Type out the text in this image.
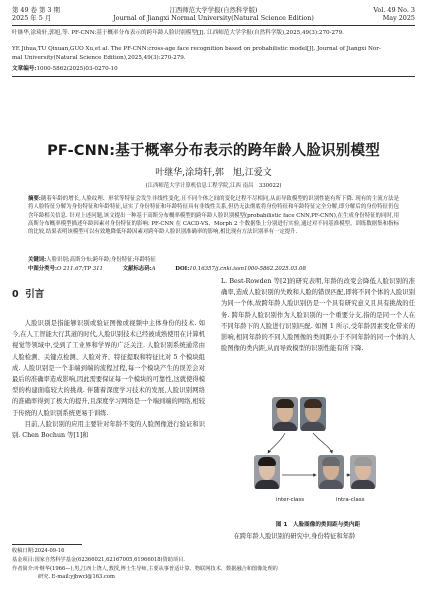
第 49 卷 第 3 期
2025 年 5 月
江西师范大学学报(自然科学版)
Journal of Jiangxi Normal University(Natural Science Edition)
Vol. 49 No. 3
May 2025
叶继华,涂琦轩,郭旭,等. PF-CNN:基于概率分布表示的跨年龄人脸识别模型[J]. 江西师范大学学报(自然科学版),2025,49(3):270-279.
YE Jihua,TU Qixuan,GUO Xu,et al. The PF-CNN:cross-age face recognition based on probabilistic model[J]. Journal of Jiangxi Nor-
mal University(Natural Science Edition),2025,49(3):270-279.
文章编号:1000-5862(2025)03-0270-10
PF-CNN:基于概率分布表示的跨年龄人脸识别模型
叶继华,涂琦轩,郭　旭,江爱文
(江西师范大学计算机信息工程学院,江西 南昌　330022)
摘要:随着年龄的增长,人脸纹理、形状等特征会发生非线性变化,且不同个体之间的变化过程不尽相同,从而导致模型的识别性能有所下降. 现有的主流方法是将人脸特征分解为身份特征和年龄特征,证实了身份特征和年龄特征具有非线性关系,但仍无法彻底将身份特征和年龄特征完全分解,即分解后的身份特征仍包含年龄相关信息. 针对上述问题,该文提出一种基于高斯分布概率模型的跨年龄人脸识别模型(probabilistic face CNN,PF-CNN),在生成身份特征的同时,用高斯分布概率模型描述年龄因素对身份特征的影响. PF-CNN 在 CACD-VS、Morph 2 个数据集上分别进行实验,通过对不同基准模型、训练数据集和指标的比较,结果表明该模型可以有效地降低年龄因素对跨年龄人脸识别准确率的影响,相比现有方法识别率有一定提升.
关键词:人脸识别;高斯分布;跨年龄;身份特征;年龄特征
中图分类号:O 211.67;TP 311	文献标志码:A	DOI:10.16357/j.cnki.issn1000-5862.2025.03.08
0 引言

人脸识别是指能够识别或验证图像或视频中主体身份的技术. 如今,在人工智能大行其道的时代,人脸识别技术已经被成熟使用在计算机视觉等领域中,受到了工业界和学界的广泛关注. 人脸识别系统通常由人脸检测、关键点检测、人脸对齐、特征提取和特征比对 5 个模块组成. 人脸识别是一个非端到端的流程过程,每一个模块产生的误差会对最后的准确率造成影响,因此需要保证每一个模块的可靠性,这就使得模型的构建面临较大的挑战. 伴随着深度学习技术的发展,人脸识别网络的准确率得到了极大的提升,且深度学习网络是一个端到端的网络,相较于传统的人脸识别系统更易于训练.

目前,人脸识别的应用主要针对年龄不变的人脸图像进行验证和识别. Chen Bochun 等[1]和

L. Best-Rowden 等[2]的研究表明,年龄的改变会降低人脸识别的准确率,造成人脸识别的失败和人脸的错误匹配,即将不同个体的人脸识别为同一个体,故跨年龄人脸识别仍是一个具有研究意义且具有挑战的任务. 跨年龄人脸识别作为人脸识别的一个重要分支,指的是同一个人在不同年龄下的人脸进行识别匹配. 如图 1 所示,受年龄因素变化带来的影响,相同年龄的不同人脸图像的类间距小于不同年龄的同一个体的人脸图像的类内距,从而导致模型的识别性能有所下降.

inter-class	intra-class
图 1　人脸图像的类间距与类内距
在跨年龄人脸识别的研究中,身份特征和年龄
收稿日期:2024-09-16
基金项目:国家自然科学基金(62366021,62167005,61966018)资助项目.
作者简介:叶继华(1966—),男,江西上饶人,教授,博士生导师,主要从事普适计算、物联网技术、数据融合和图像处理的
研究. E-mail:yjhwcl@163.com
